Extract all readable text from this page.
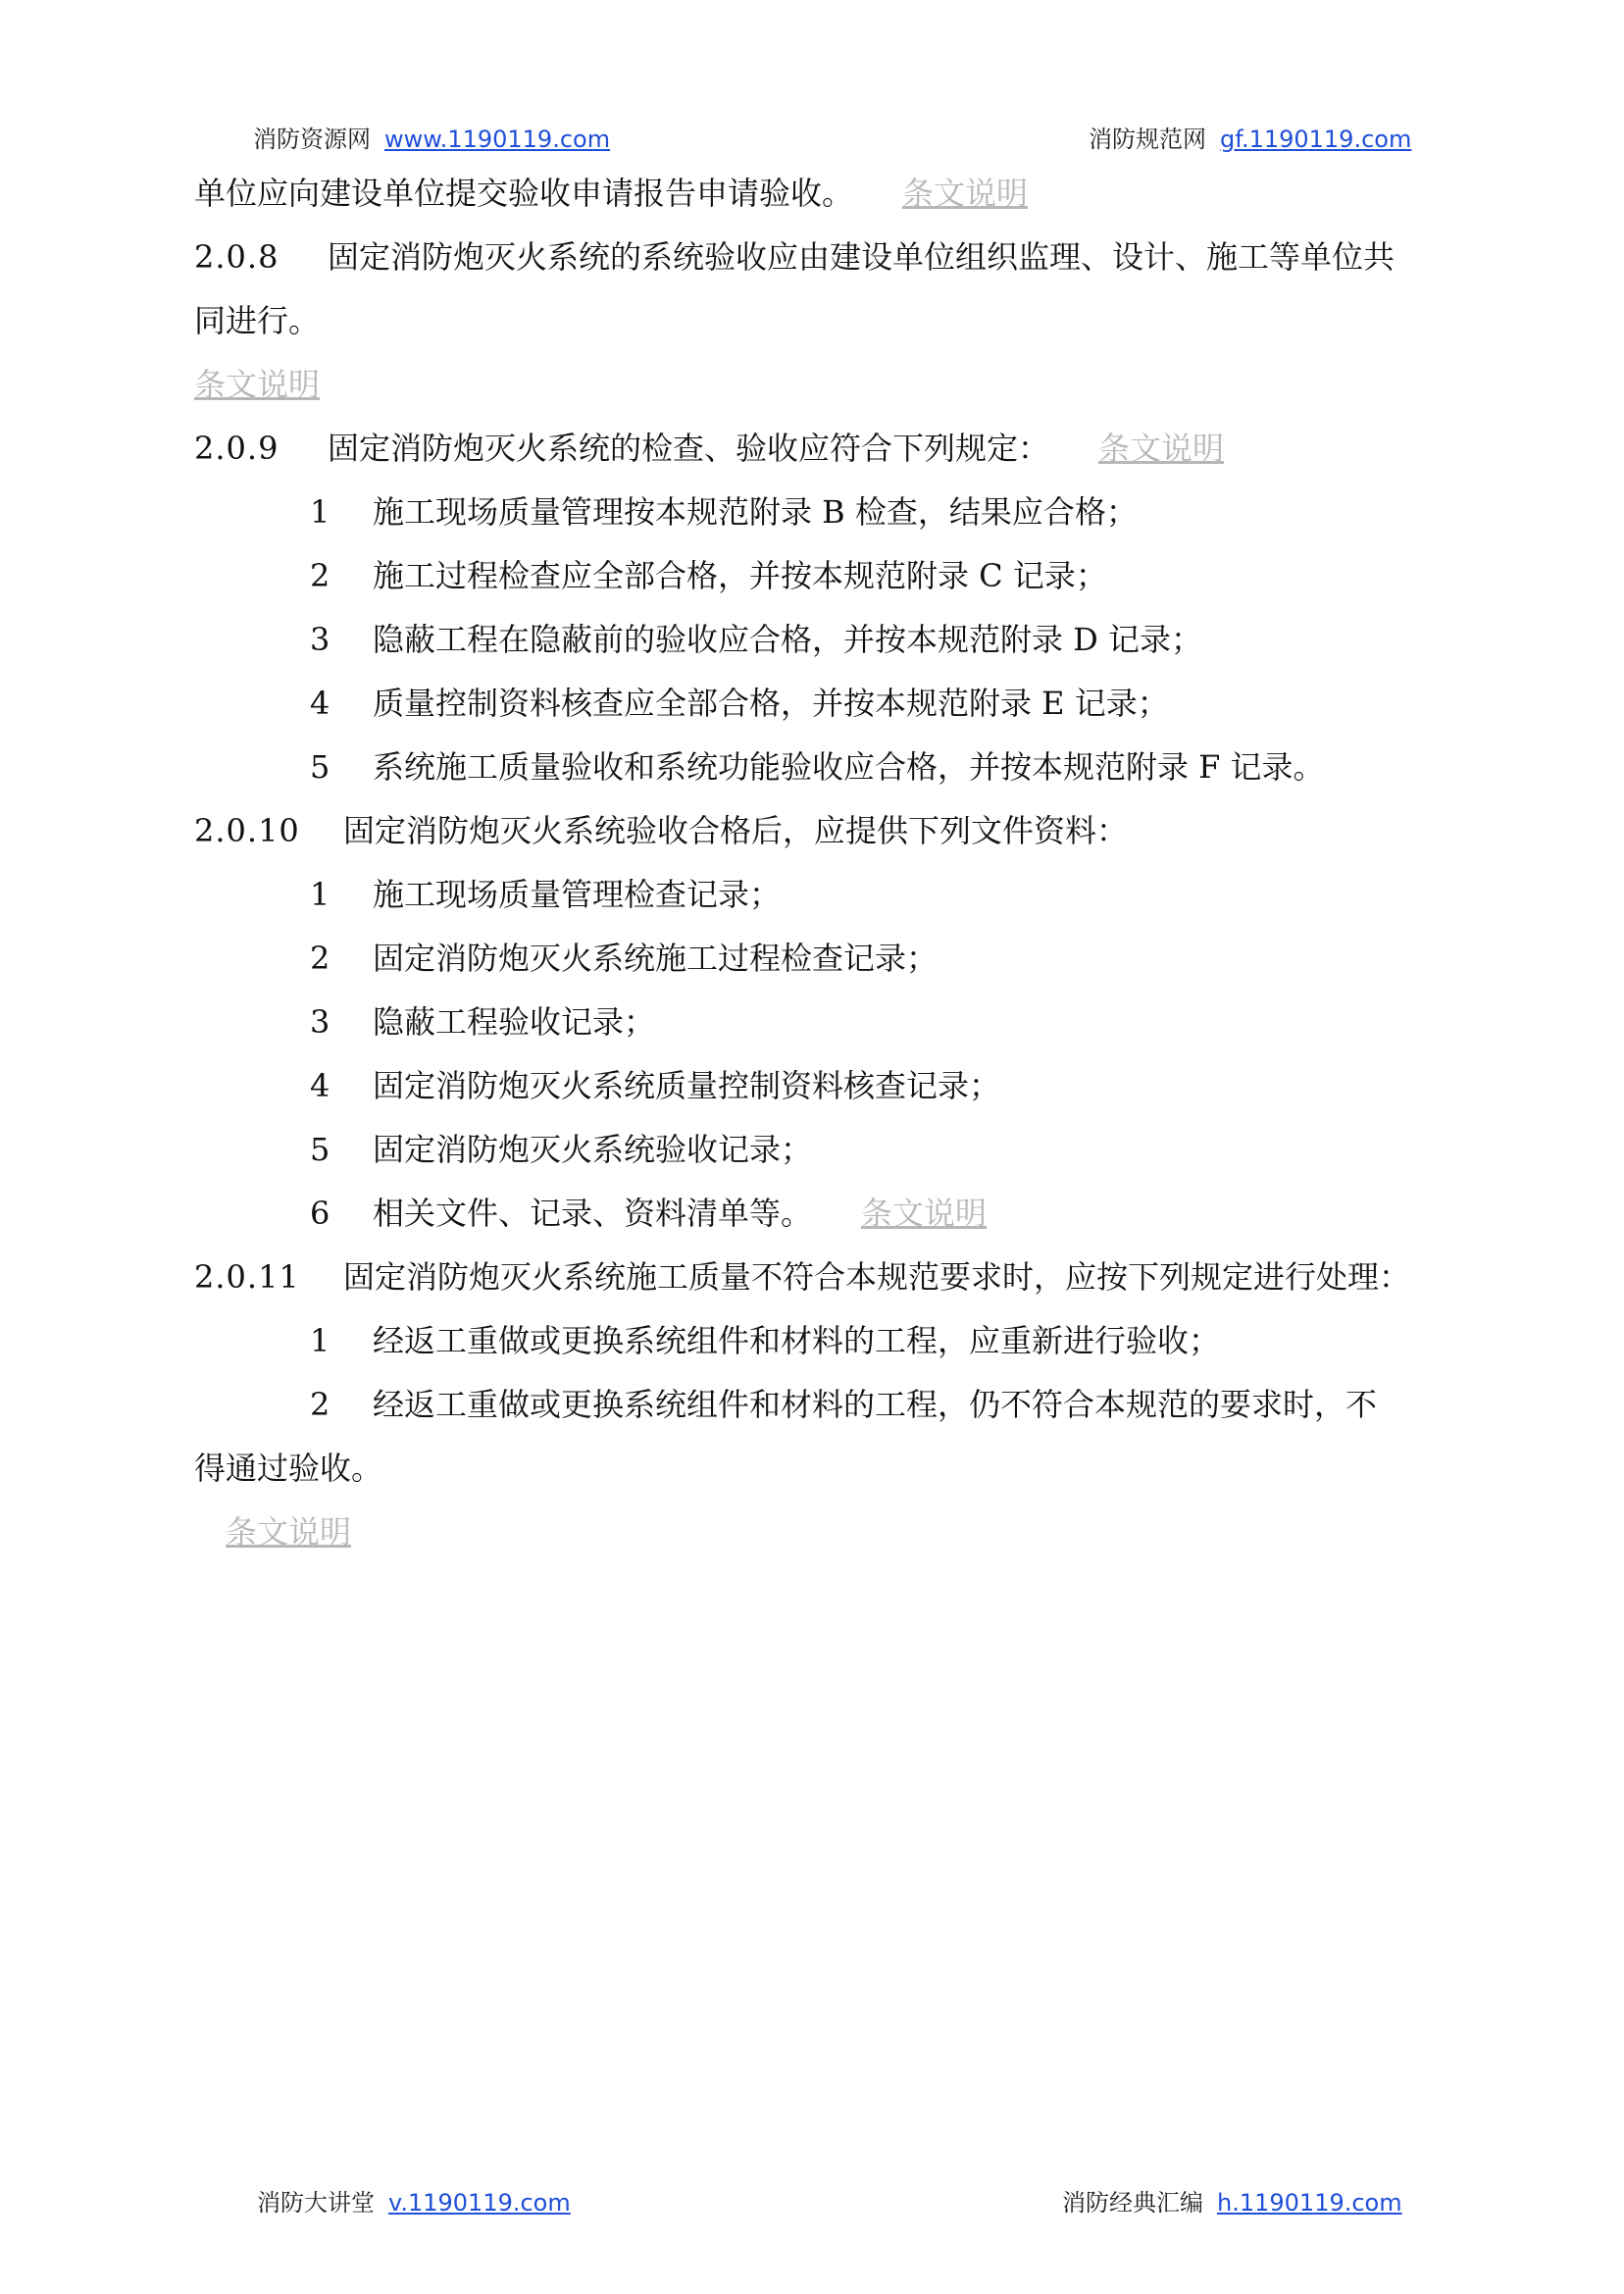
消防资源网 www.1190119.com	消防规范网 gf.1190119.com
单位应向建设单位提交验收申请报告申请验收。 条文说明
2.0.8 固定消防炮灭火系统的系统验收应由建设单位组织监理、设计、施工等单位共
同进行。
条文说明
2.0.9 固定消防炮灭火系统的检查、验收应符合下列规定： 条文说明
1 施工现场质量管理按本规范附录 B 检查，结果应合格；
2 施工过程检查应全部合格，并按本规范附录 C 记录；
3 隐蔽工程在隐蔽前的验收应合格，并按本规范附录 D 记录；
4 质量控制资料核查应全部合格，并按本规范附录 E 记录；
5 系统施工质量验收和系统功能验收应合格，并按本规范附录 F 记录。
2.0.10 固定消防炮灭火系统验收合格后，应提供下列文件资料：
1 施工现场质量管理检查记录；
2 固定消防炮灭火系统施工过程检查记录；
3 隐蔽工程验收记录；
4 固定消防炮灭火系统质量控制资料核查记录；
5 固定消防炮灭火系统验收记录；
6 相关文件、记录、资料清单等。 条文说明
2.0.11 固定消防炮灭火系统施工质量不符合本规范要求时，应按下列规定进行处理：
1 经返工重做或更换系统组件和材料的工程，应重新进行验收；
2 经返工重做或更换系统组件和材料的工程，仍不符合本规范的要求时，不
得通过验收。
条文说明
消防大讲堂 v.1190119.com	消防经典汇编 h.1190119.com
